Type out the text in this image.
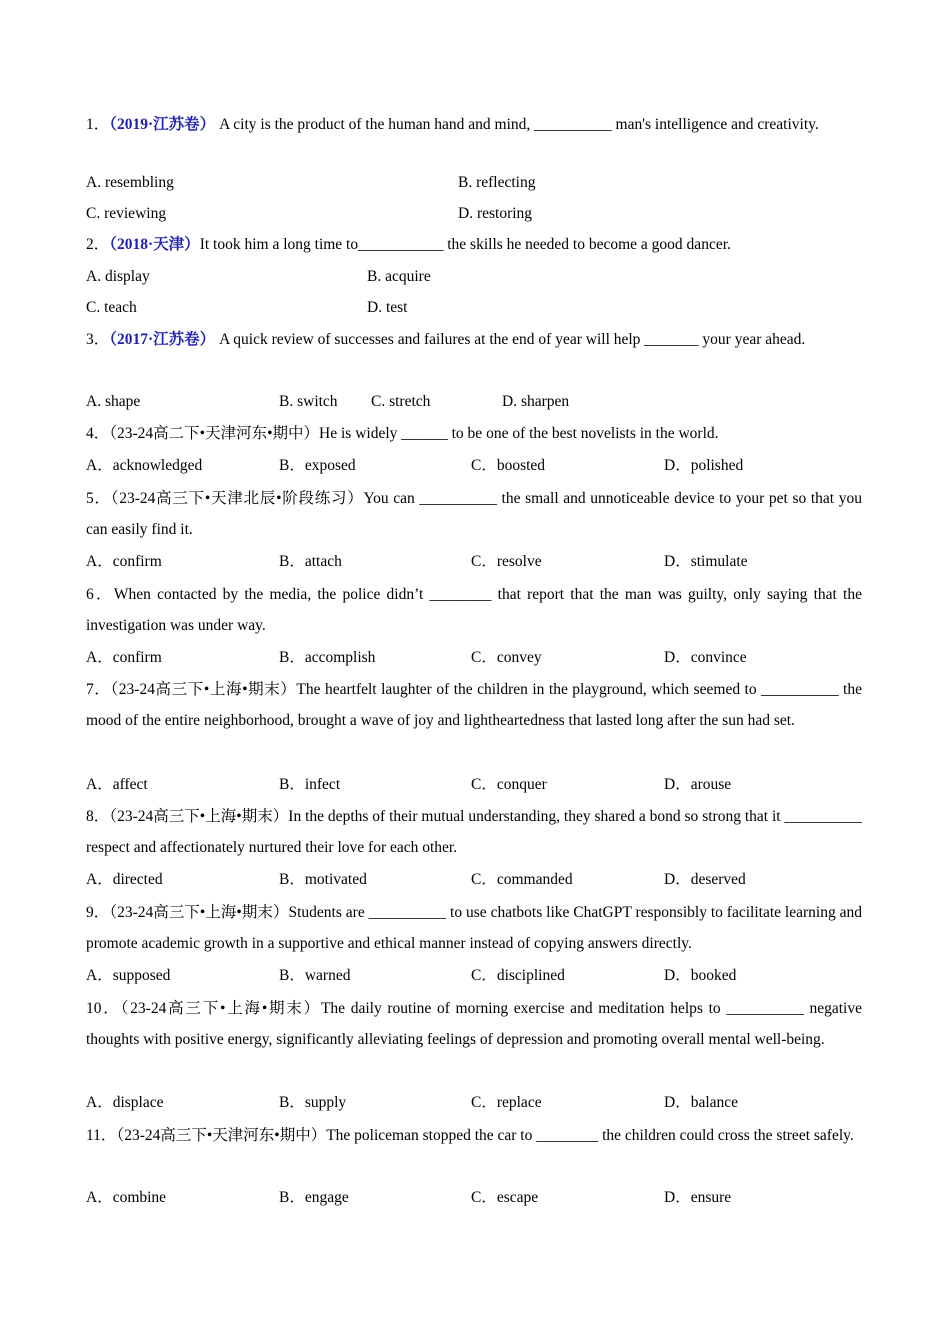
1．（2019·江苏卷） A city is the product of the human hand and mind, __________ man's intelligence and creativity.
A. resembling	B. reflecting
C. reviewing	D. restoring
2．（2018·天津）It took him a long time to___________ the skills he needed to become a good dancer.
A. display	B. acquire
C. teach	D. test
3．（2017·江苏卷） A quick review of successes and failures at the end of year will help _______ your year ahead.
A. shape	B. switch C. stretch	D. sharpen
4．（23-24高二下•天津河东•期中）He is widely ______ to be one of the best novelists in the world.
A．acknowledged	B．exposed	C．boosted	D．polished
5．（23-24高三下•天津北辰•阶段练习）You can __________ the small and unnoticeable device to your pet so that you can easily find it.
A．confirm	B．attach	C．resolve	D．stimulate
6．When contacted by the media, the police didn’t ________ that report that the man was guilty, only saying that the investigation was under way.
A．confirm	B．accomplish	C．convey	D．convince
7．（23-24高三下•上海•期末）The heartfelt laughter of the children in the playground, which seemed to __________ the mood of the entire neighborhood, brought a wave of joy and lightheartedness that lasted long after the sun had set.
A．affect	B．infect	C．conquer	D．arouse
8．（23-24高三下•上海•期末）In the depths of their mutual understanding, they shared a bond so strong that it __________ respect and affectionately nurtured their love for each other.
A．directed	B．motivated	C．commanded	D．deserved
9．（23-24高三下•上海•期末）Students are __________ to use chatbots like ChatGPT responsibly to facilitate learning and promote academic growth in a supportive and ethical manner instead of copying answers directly.
A．supposed	B．warned	C．disciplined	D．booked
10．（23-24高三下•上海•期末）The daily routine of morning exercise and meditation helps to __________ negative thoughts with positive energy, significantly alleviating feelings of depression and promoting overall mental well-being.
A．displace	B．supply	C．replace	D．balance
11．（23-24高三下•天津河东•期中）The policeman stopped the car to ________ the children could cross the street safely.
A．combine	B．engage	C．escape	D．ensure
